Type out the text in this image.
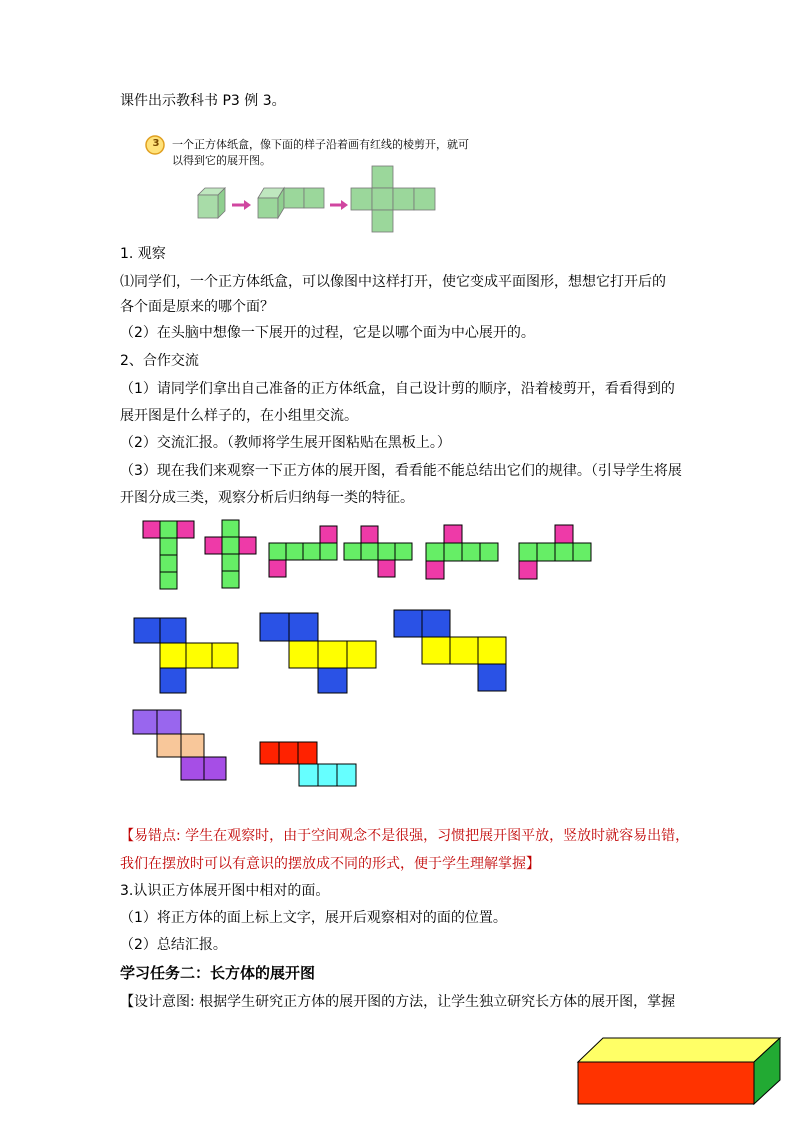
课件出示教科书 P3 例 3。
3 一个正方体纸盒，像下面的样子沿着画有红线的棱剪开，就可
以得到它的展开图。
1. 观察
⑴同学们，一个正方体纸盒，可以像图中这样打开，使它变成平面图形，想想它打开后的
各个面是原来的哪个面？
（2）在头脑中想像一下展开的过程，它是以哪个面为中心展开的。
2、合作交流
（1）请同学们拿出自己准备的正方体纸盒，自己设计剪的顺序，沿着棱剪开，看看得到的
展开图是什么样子的，在小组里交流。
（2）交流汇报。（教师将学生展开图粘贴在黑板上。）
（3）现在我们来观察一下正方体的展开图，看看能不能总结出它们的规律。（引导学生将展
开图分成三类，观察分析后归纳每一类的特征。
【易错点: 学生在观察时，由于空间观念不是很强，习惯把展开图平放，竖放时就容易出错，
我们在摆放时可以有意识的摆放成不同的形式，便于学生理解掌握】
3.认识正方体展开图中相对的面。
（1）将正方体的面上标上文字，展开后观察相对的面的位置。
（2）总结汇报。
学习任务二：长方体的展开图
【设计意图: 根据学生研究正方体的展开图的方法，让学生独立研究长方体的展开图，掌握
